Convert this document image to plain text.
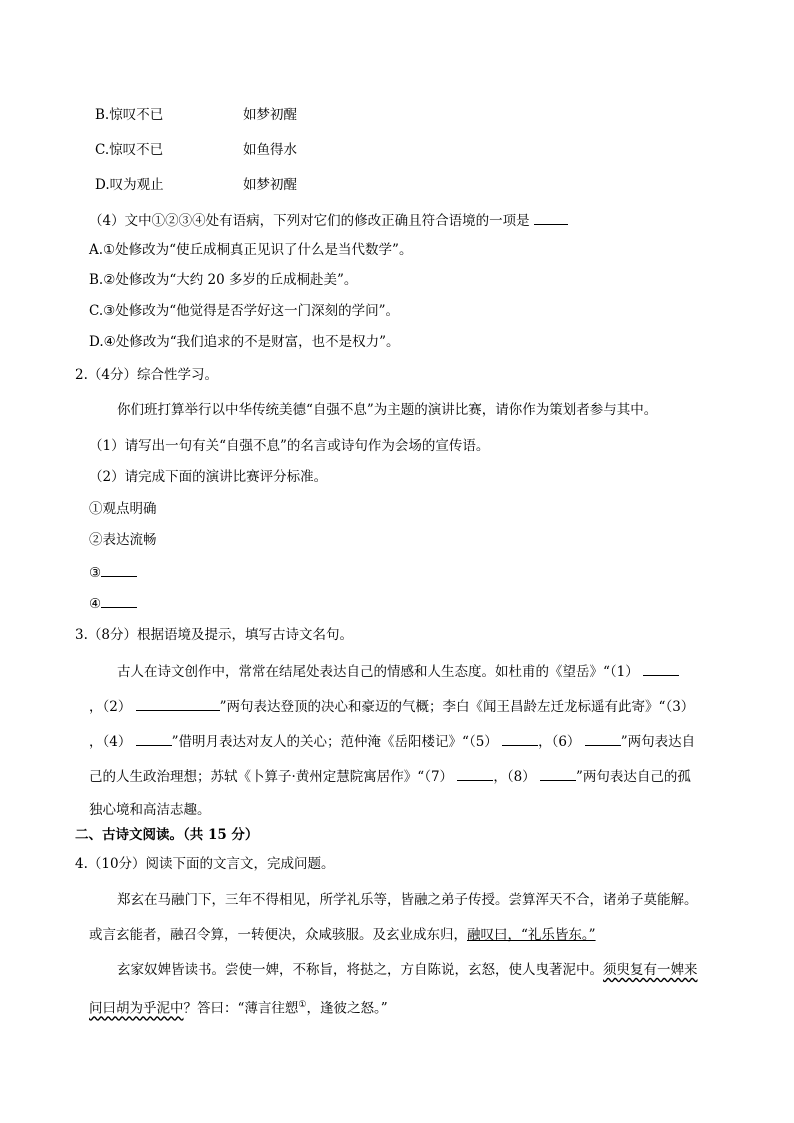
B.惊叹不已	如梦初醒
C.惊叹不已	如鱼得水
D.叹为观止	如梦初醒
（4）文中①②③④处有语病，下列对它们的修改正确且符合语境的一项是
A.①处修改为“使丘成桐真正见识了什么是当代数学”。
B.②处修改为“大约 20 多岁的丘成桐赴美”。
C.③处修改为“他觉得是否学好这一门深刻的学问”。
D.④处修改为“我们追求的不是财富，也不是权力”。
2.（4分）综合性学习。
你们班打算举行以中华传统美德“自强不息”为主题的演讲比赛，请你作为策划者参与其中。
（1）请写出一句有关“自强不息”的名言或诗句作为会场的宣传语。
（2）请完成下面的演讲比赛评分标准。
①观点明确
②表达流畅
③
④
3.（8分）根据语境及提示，填写古诗文名句。
古人在诗文创作中，常常在结尾处表达自己的情感和人生态度。如杜甫的《望岳》“（1）
，（2）	”两句表达登顶的决心和豪迈的气概；李白《闻王昌龄左迁龙标遥有此寄》“（3）
，（4）	”借明月表达对友人的关心；范仲淹《岳阳楼记》“（5）	，（6）	”两句表达自
己的人生政治理想；苏轼《卜算子·黄州定慧院寓居作》“（7）	，（8）	”两句表达自己的孤
独心境和高洁志趣。
二、古诗文阅读。（共 15 分）
4.（10分）阅读下面的文言文，完成问题。
郑玄在马融门下，三年不得相见，所学礼乐等，皆融之弟子传授。尝算浑天不合，诸弟子莫能解。
或言玄能者，融召令算，一转便决，众咸骇服。及玄业成东归，融叹曰，“礼乐皆东。”
玄家奴婢皆读书。尝使一婢，不称旨，将挞之，方自陈说，玄怒，使人曳著泥中。须臾复有一婢来
问曰胡为乎泥中？答曰：“薄言往愬①，逢彼之怒。”
